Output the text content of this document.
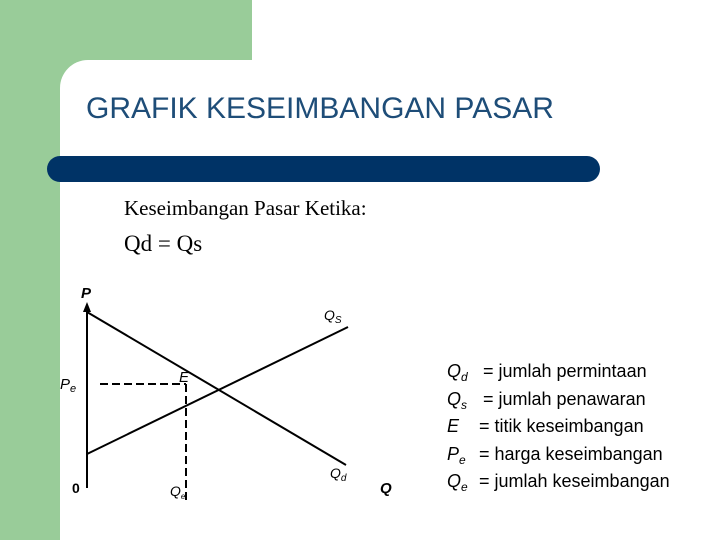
GRAFIK KESEIMBANGAN PASAR
Keseimbangan Pasar Ketika:
Qd = Qs
P
Q
0
$P_e$
$Q_e$
E
$Q_S$
$Q_d$
$Q_d$ = jumlah permintaan
$Q_s$ = jumlah penawaran
E = titik keseimbangan
$P_e$ = harga keseimbangan
$Q_e$ = jumlah keseimbangan
